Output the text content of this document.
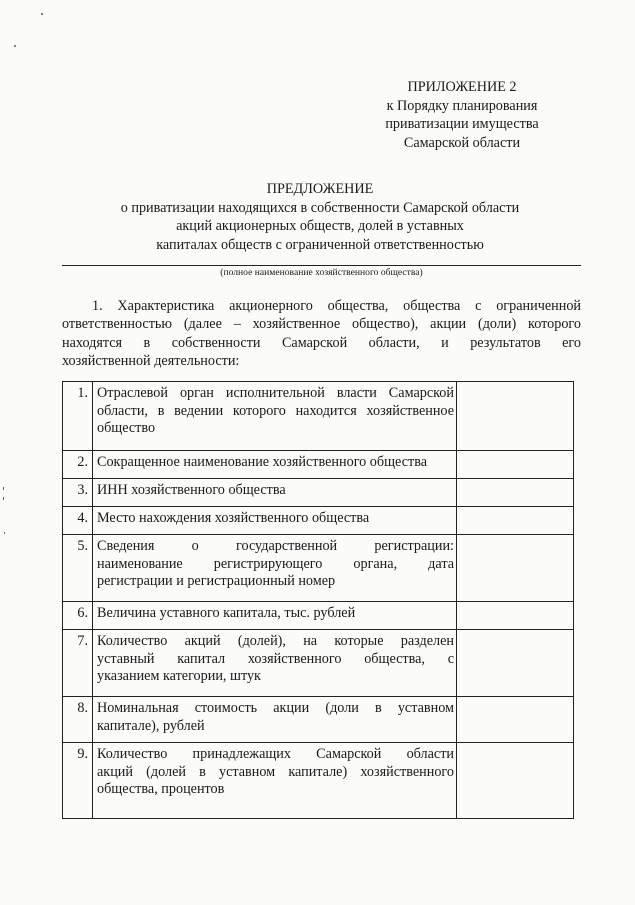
ПРИЛОЖЕНИЕ 2
к Порядку планирования
приватизации имущества
Самарской области
ПРЕДЛОЖЕНИЕ
о приватизации находящихся в собственности Самарской области
акций акционерных обществ, долей в уставных
капиталах обществ с ограниченной ответственностью
(полное наименование хозяйственного общества)
1. Характеристика акционерного общества, общества с ограниченной
ответственностью (далее – хозяйственное общество), акции (доли) которого
находятся в собственности Самарской области, и результатов его
хозяйственной деятельности:
1.	Отраслевой орган исполнительной власти Самарской
области, в ведении которого находится хозяйственное
общество	

2.	Сокращенное наименование хозяйственного общества	

3.	ИНН хозяйственного общества	

4.	Место нахождения хозяйственного общества	

5.	Сведения о государственной регистрации:
наименование регистрирующего органа, дата
регистрации и регистрационный номер	

6.	Величина уставного капитала, тыс. рублей	

7.	Количество акций (долей), на которые разделен
уставный капитал хозяйственного общества, с
указанием категории, штук	

8.	Номинальная стоимость акции (доли в уставном
капитале), рублей	

9.	Количество принадлежащих Самарской области
акций (долей в уставном капитале) хозяйственного
общества, процентов	
